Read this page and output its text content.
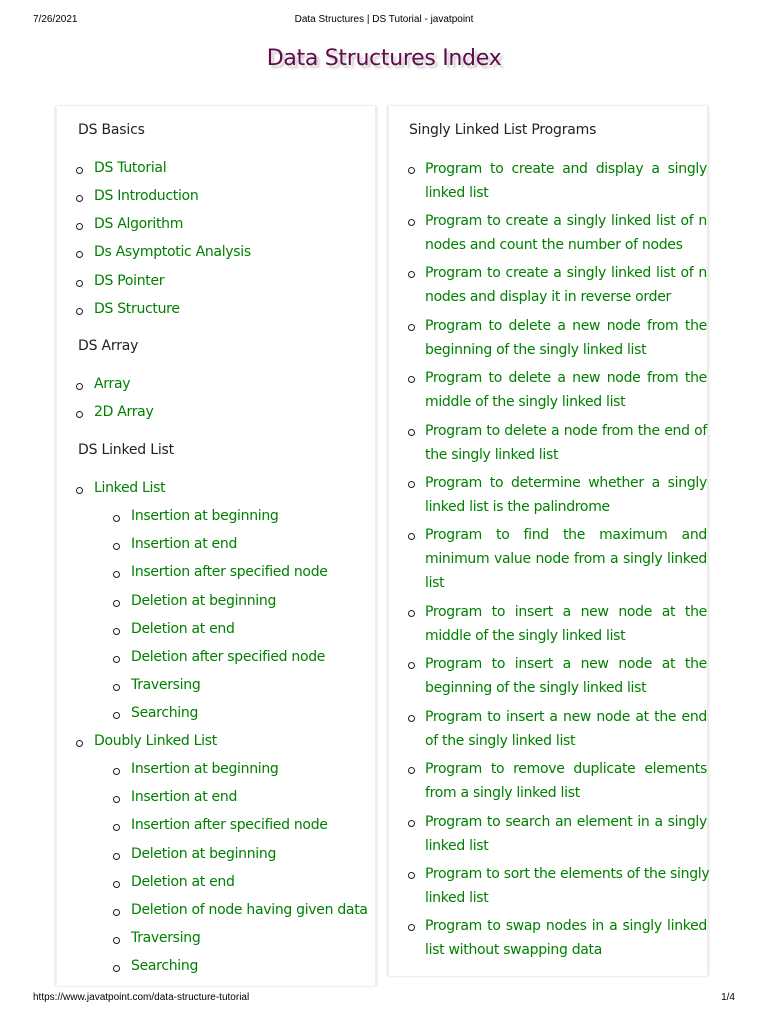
7/26/2021	Data Structures | DS Tutorial - javatpoint
Data Structures Index
DS Basics
DS Tutorial
DS Introduction
DS Algorithm
Ds Asymptotic Analysis
DS Pointer
DS Structure
DS Array
Array
2D Array
DS Linked List
Linked List
Insertion at beginning
Insertion at end
Insertion after specified node
Deletion at beginning
Deletion at end
Deletion after specified node
Traversing
Searching
Doubly Linked List
Insertion at beginning
Insertion at end
Insertion after specified node
Deletion at beginning
Deletion at end
Deletion of node having given data
Traversing
Searching
Singly Linked List Programs
Program to create and display a singly
linked list
Program to create a singly linked list of n
nodes and count the number of nodes
Program to create a singly linked list of n
nodes and display it in reverse order
Program to delete a new node from the
beginning of the singly linked list
Program to delete a new node from the
middle of the singly linked list
Program to delete a node from the end of
the singly linked list
Program to determine whether a singly
linked list is the palindrome
Program to find the maximum and
minimum value node from a singly linked
list
Program to insert a new node at the
middle of the singly linked list
Program to insert a new node at the
beginning of the singly linked list
Program to insert a new node at the end
of the singly linked list
Program to remove duplicate elements
from a singly linked list
Program to search an element in a singly
linked list
Program to sort the elements of the singly
linked list
Program to swap nodes in a singly linked
list without swapping data
https://www.javatpoint.com/data-structure-tutorial	1/4
